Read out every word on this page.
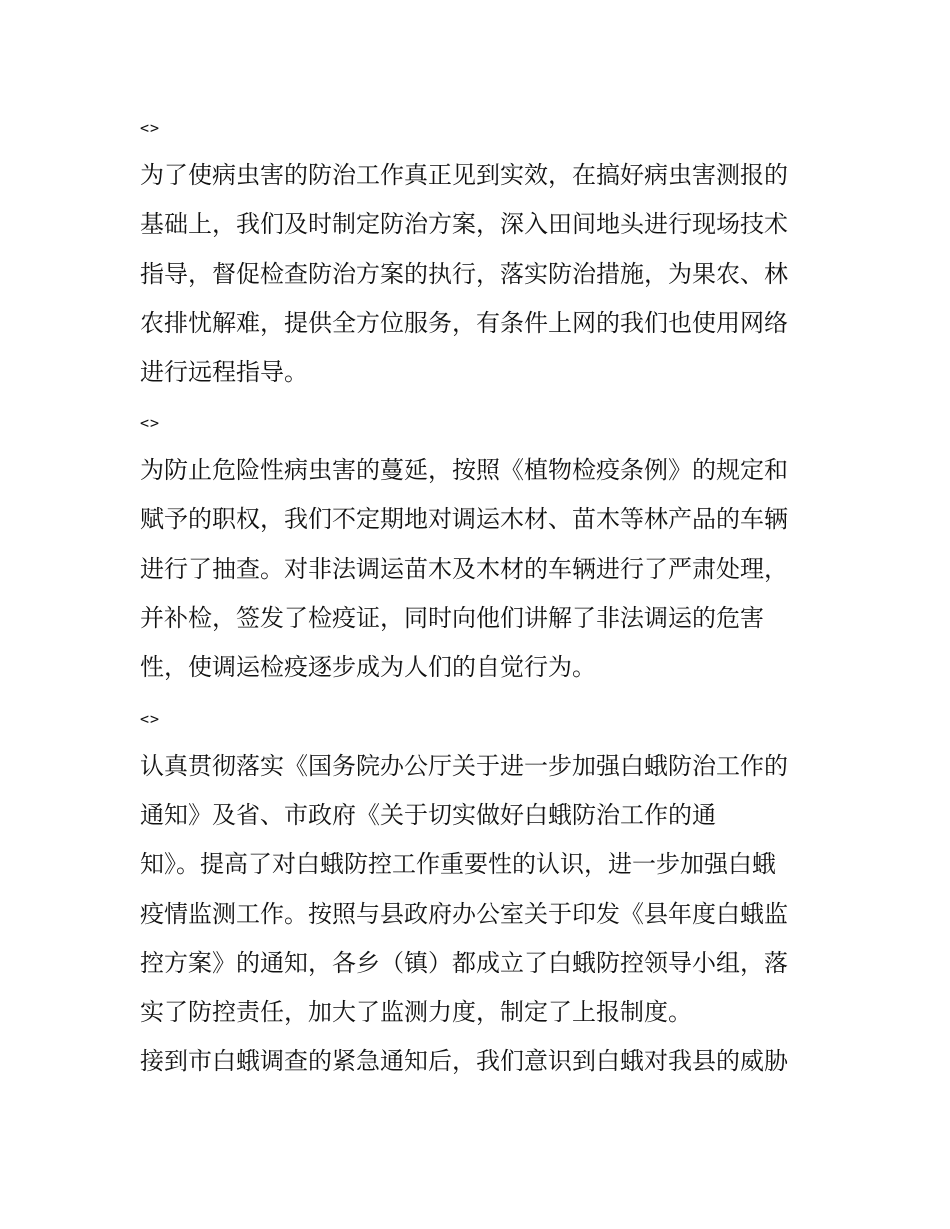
<>
为了使病虫害的防治工作真正见到实效，在搞好病虫害测报的
基础上，我们及时制定防治方案，深入田间地头进行现场技术
指导，督促检查防治方案的执行，落实防治措施，为果农、林
农排忧解难，提供全方位服务，有条件上网的我们也使用网络
进行远程指导。
<>
为防止危险性病虫害的蔓延，按照《植物检疫条例》的规定和
赋予的职权，我们不定期地对调运木材、苗木等林产品的车辆
进行了抽查。对非法调运苗木及木材的车辆进行了严肃处理，
并补检，签发了检疫证，同时向他们讲解了非法调运的危害
性，使调运检疫逐步成为人们的自觉行为。
<>
认真贯彻落实《国务院办公厅关于进一步加强白蛾防治工作的
通知》及省、市政府《关于切实做好白蛾防治工作的通
知》。提高了对白蛾防控工作重要性的认识，进一步加强白蛾
疫情监测工作。按照与县政府办公室关于印发《县年度白蛾监
控方案》的通知，各乡（镇）都成立了白蛾防控领导小组，落
实了防控责任，加大了监测力度，制定了上报制度。
接到市白蛾调查的紧急通知后，我们意识到白蛾对我县的威胁
